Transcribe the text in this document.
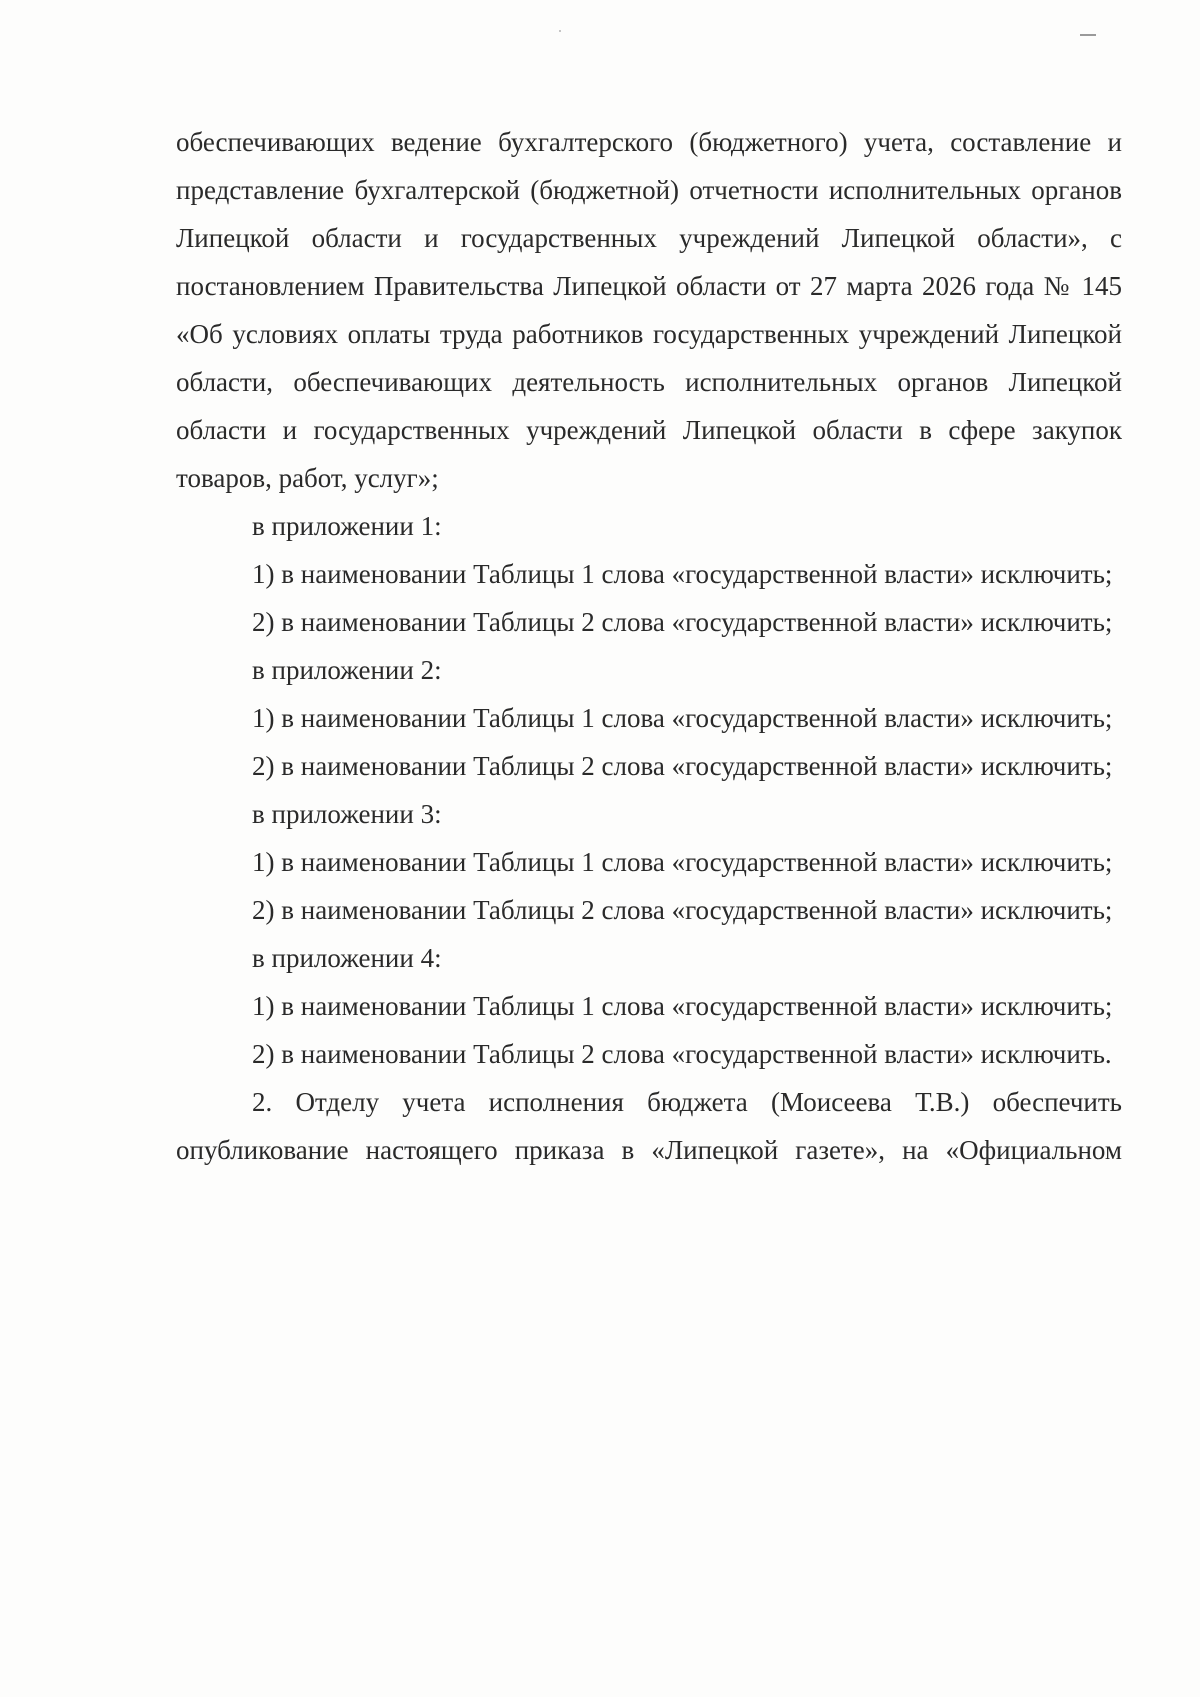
обеспечивающих ведение бухгалтерского (бюджетного) учета, составление и представление бухгалтерской (бюджетной) отчетности исполнительных органов Липецкой области и государственных учреждений Липецкой области», с постановлением Правительства Липецкой области от 27 марта 2026 года № 145 «Об условиях оплаты труда работников государственных учреждений Липецкой области, обеспечивающих деятельность исполнительных органов Липецкой области и государственных учреждений Липецкой области в сфере закупок товаров, работ, услуг»;

в приложении 1:

1) в наименовании Таблицы 1 слова «государственной власти» исключить;

2) в наименовании Таблицы 2 слова «государственной власти» исключить;

в приложении 2:

1) в наименовании Таблицы 1 слова «государственной власти» исключить;

2) в наименовании Таблицы 2 слова «государственной власти» исключить;

в приложении 3:

1) в наименовании Таблицы 1 слова «государственной власти» исключить;

2) в наименовании Таблицы 2 слова «государственной власти» исключить;

в приложении 4:

1) в наименовании Таблицы 1 слова «государственной власти» исключить;

2) в наименовании Таблицы 2 слова «государственной власти» исключить.

2. Отделу учета исполнения бюджета (Моисеева Т.В.) обеспечить опубликование настоящего приказа в «Липецкой газете», на «Официальном
